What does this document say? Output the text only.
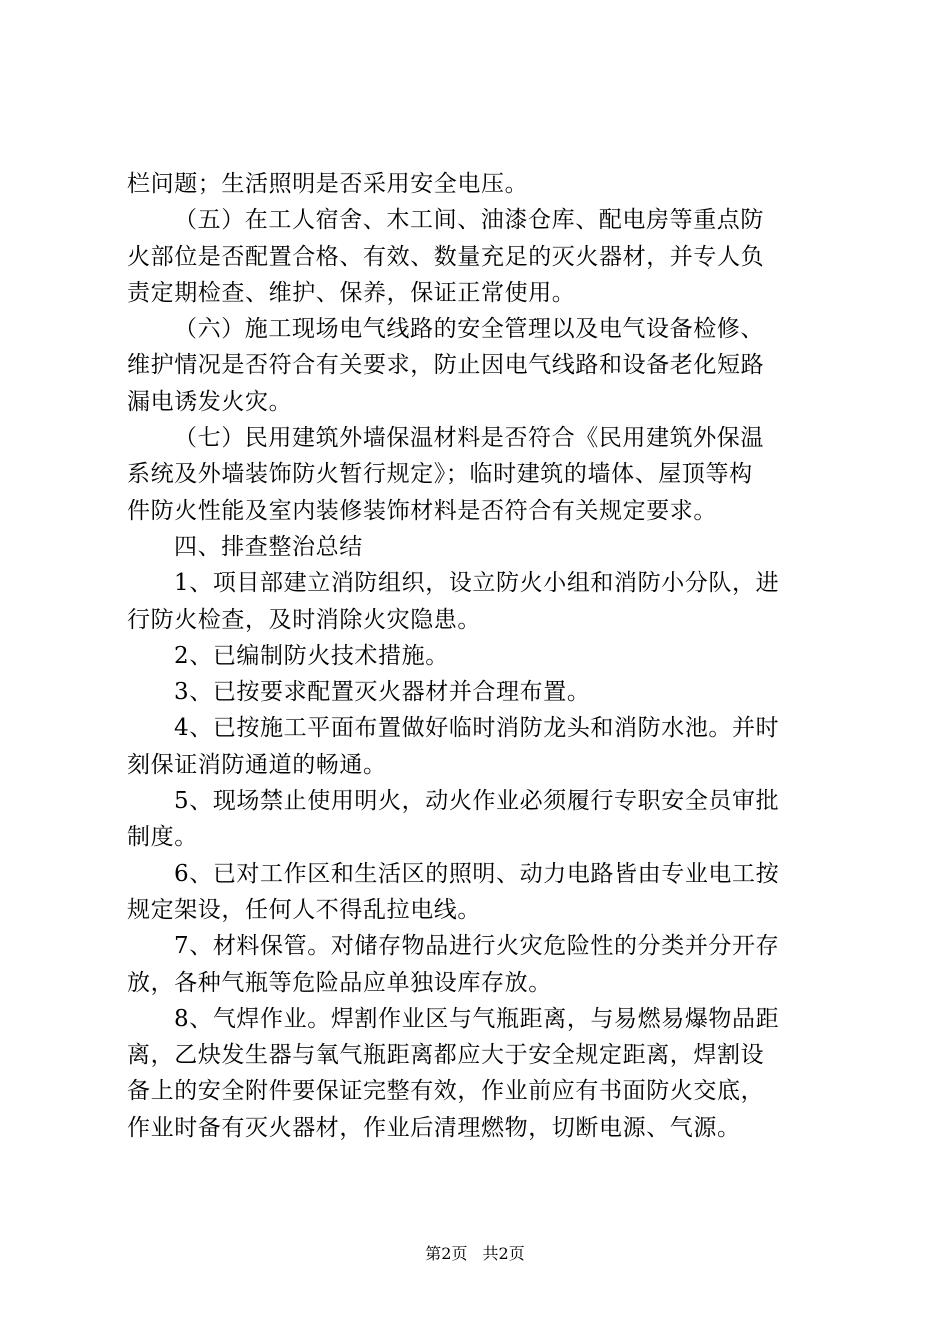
栏问题；生活照明是否采用安全电压。
（五）在工人宿舍、木工间、油漆仓库、配电房等重点防
火部位是否配置合格、有效、数量充足的灭火器材，并专人负
责定期检查、维护、保养，保证正常使用。
（六）施工现场电气线路的安全管理以及电气设备检修、
维护情况是否符合有关要求，防止因电气线路和设备老化短路
漏电诱发火灾。
（七）民用建筑外墙保温材料是否符合《民用建筑外保温
系统及外墙装饰防火暂行规定》；临时建筑的墙体、屋顶等构
件防火性能及室内装修装饰材料是否符合有关规定要求。
四、排查整治总结
1、项目部建立消防组织，设立防火小组和消防小分队，进
行防火检查，及时消除火灾隐患。
2、已编制防火技术措施。
3、已按要求配置灭火器材并合理布置。
4、已按施工平面布置做好临时消防龙头和消防水池。并时
刻保证消防通道的畅通。
5、现场禁止使用明火，动火作业必须履行专职安全员审批
制度。
6、已对工作区和生活区的照明、动力电路皆由专业电工按
规定架设，任何人不得乱拉电线。
7、材料保管。对储存物品进行火灾危险性的分类并分开存
放，各种气瓶等危险品应单独设库存放。
8、气焊作业。焊割作业区与气瓶距离，与易燃易爆物品距
离，乙炔发生器与氧气瓶距离都应大于安全规定距离，焊割设
备上的安全附件要保证完整有效，作业前应有书面防火交底，
作业时备有灭火器材，作业后清理燃物，切断电源、气源。
第2页 共2页
